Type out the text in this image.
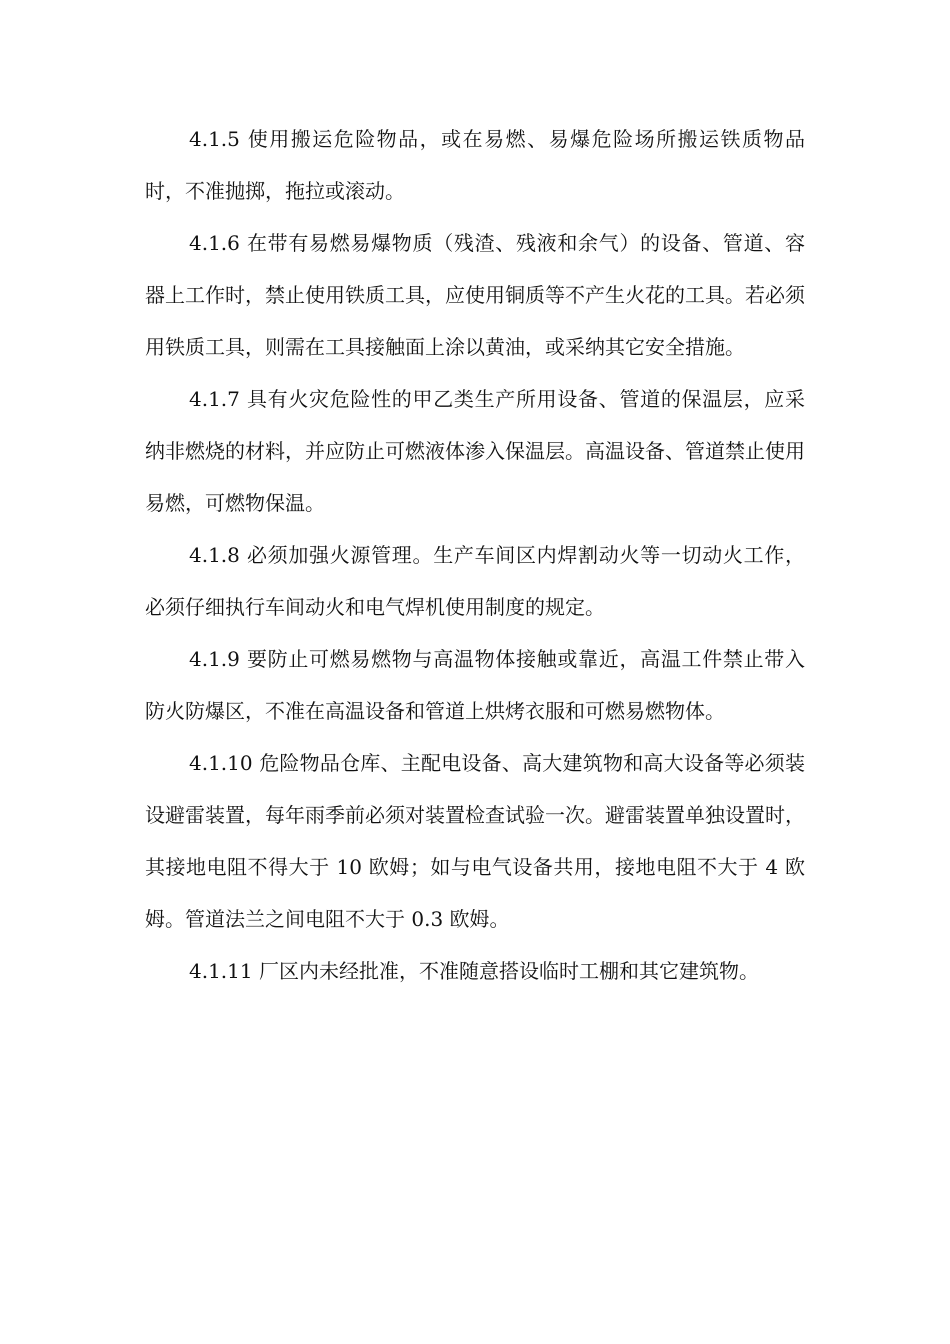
4.1.5 使用搬运危险物品，或在易燃、易爆危险场所搬运铁质物品时，不准抛掷，拖拉或滚动。

4.1.6 在带有易燃易爆物质（残渣、残液和余气）的设备、管道、容器上工作时，禁止使用铁质工具，应使用铜质等不产生火花的工具。若必须用铁质工具，则需在工具接触面上涂以黄油，或采纳其它安全措施。

4.1.7 具有火灾危险性的甲乙类生产所用设备、管道的保温层，应采纳非燃烧的材料，并应防止可燃液体渗入保温层。高温设备、管道禁止使用易燃，可燃物保温。

4.1.8 必须加强火源管理。生产车间区内焊割动火等一切动火工作，必须仔细执行车间动火和电气焊机使用制度的规定。

4.1.9 要防止可燃易燃物与高温物体接触或靠近，高温工件禁止带入防火防爆区，不准在高温设备和管道上烘烤衣服和可燃易燃物体。

4.1.10 危险物品仓库、主配电设备、高大建筑物和高大设备等必须装设避雷装置，每年雨季前必须对装置检查试验一次。避雷装置单独设置时，其接地电阻不得大于 10 欧姆；如与电气设备共用，接地电阻不大于 4 欧姆。管道法兰之间电阻不大于 0.3 欧姆。

4.1.11 厂区内未经批准，不准随意搭设临时工棚和其它建筑物。
